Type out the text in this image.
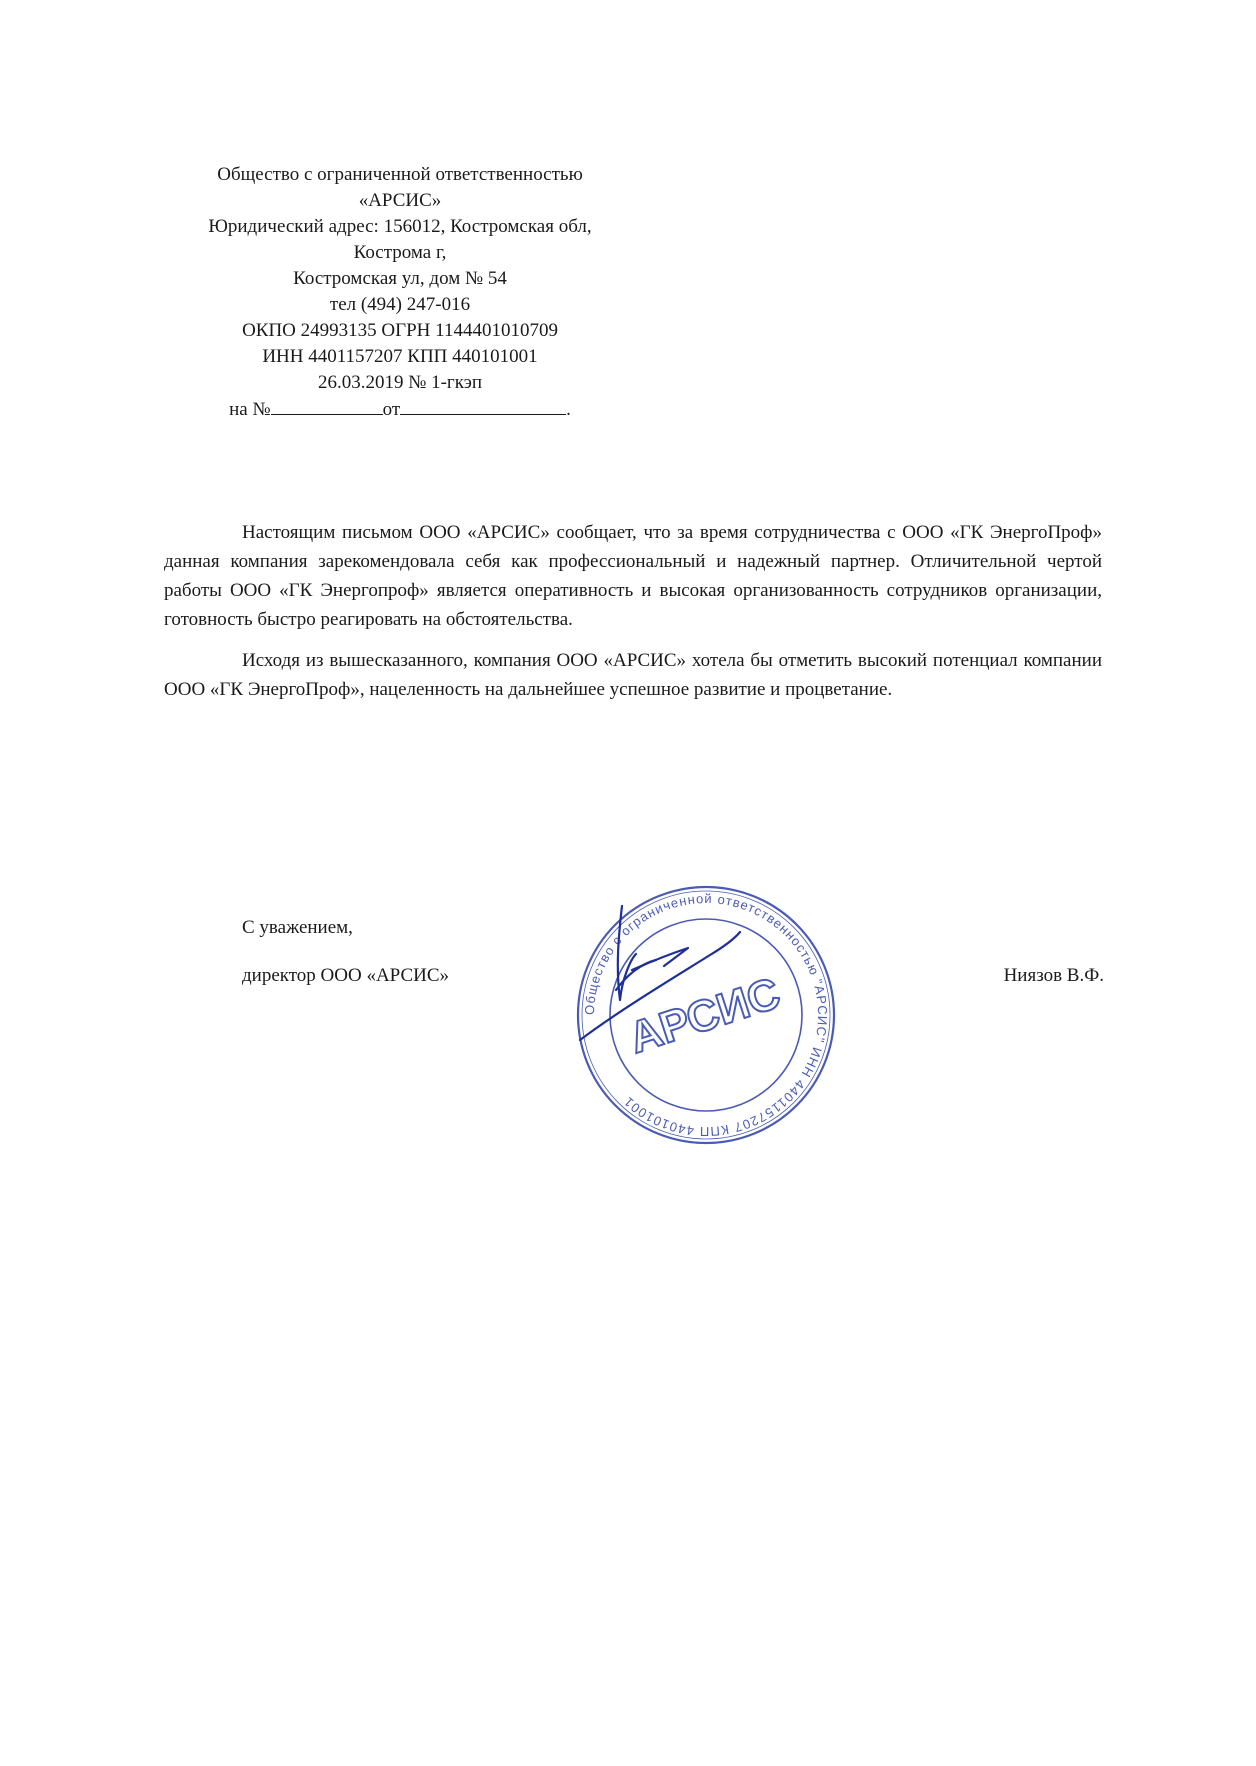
Общество с ограниченной ответственностью
«АРСИС»
Юридический адрес: 156012, Костромская обл,
Кострома г,
Костромская ул, дом № 54
тел (494) 247-016
ОКПО 24993135 ОГРН 1144401010709
ИНН 4401157207 КПП 440101001
26.03.2019 № 1-гкэп
на №	от	.

Настоящим письмом ООО «АРСИС» сообщает, что за время сотрудничества с ООО «ГК ЭнергоПроф» данная компания зарекомендовала себя как профессиональный и надежный партнер. Отличительной чертой работы ООО «ГК Энергопроф» является оперативность и высокая организованность сотрудников организации, готовность быстро реагировать на обстоятельства.

Исходя из вышесказанного, компания ООО «АРСИС» хотела бы отметить высокий потенциал компании ООО «ГК ЭнергоПроф», нацеленность на дальнейшее успешное развитие и процветание.

С уважением,
директор ООО «АРСИС»	Ниязов В.Ф.
Общество с ограниченной ответственностью "АРСИС" ИНН 4401157207 КПП 440101001
АРСИС
